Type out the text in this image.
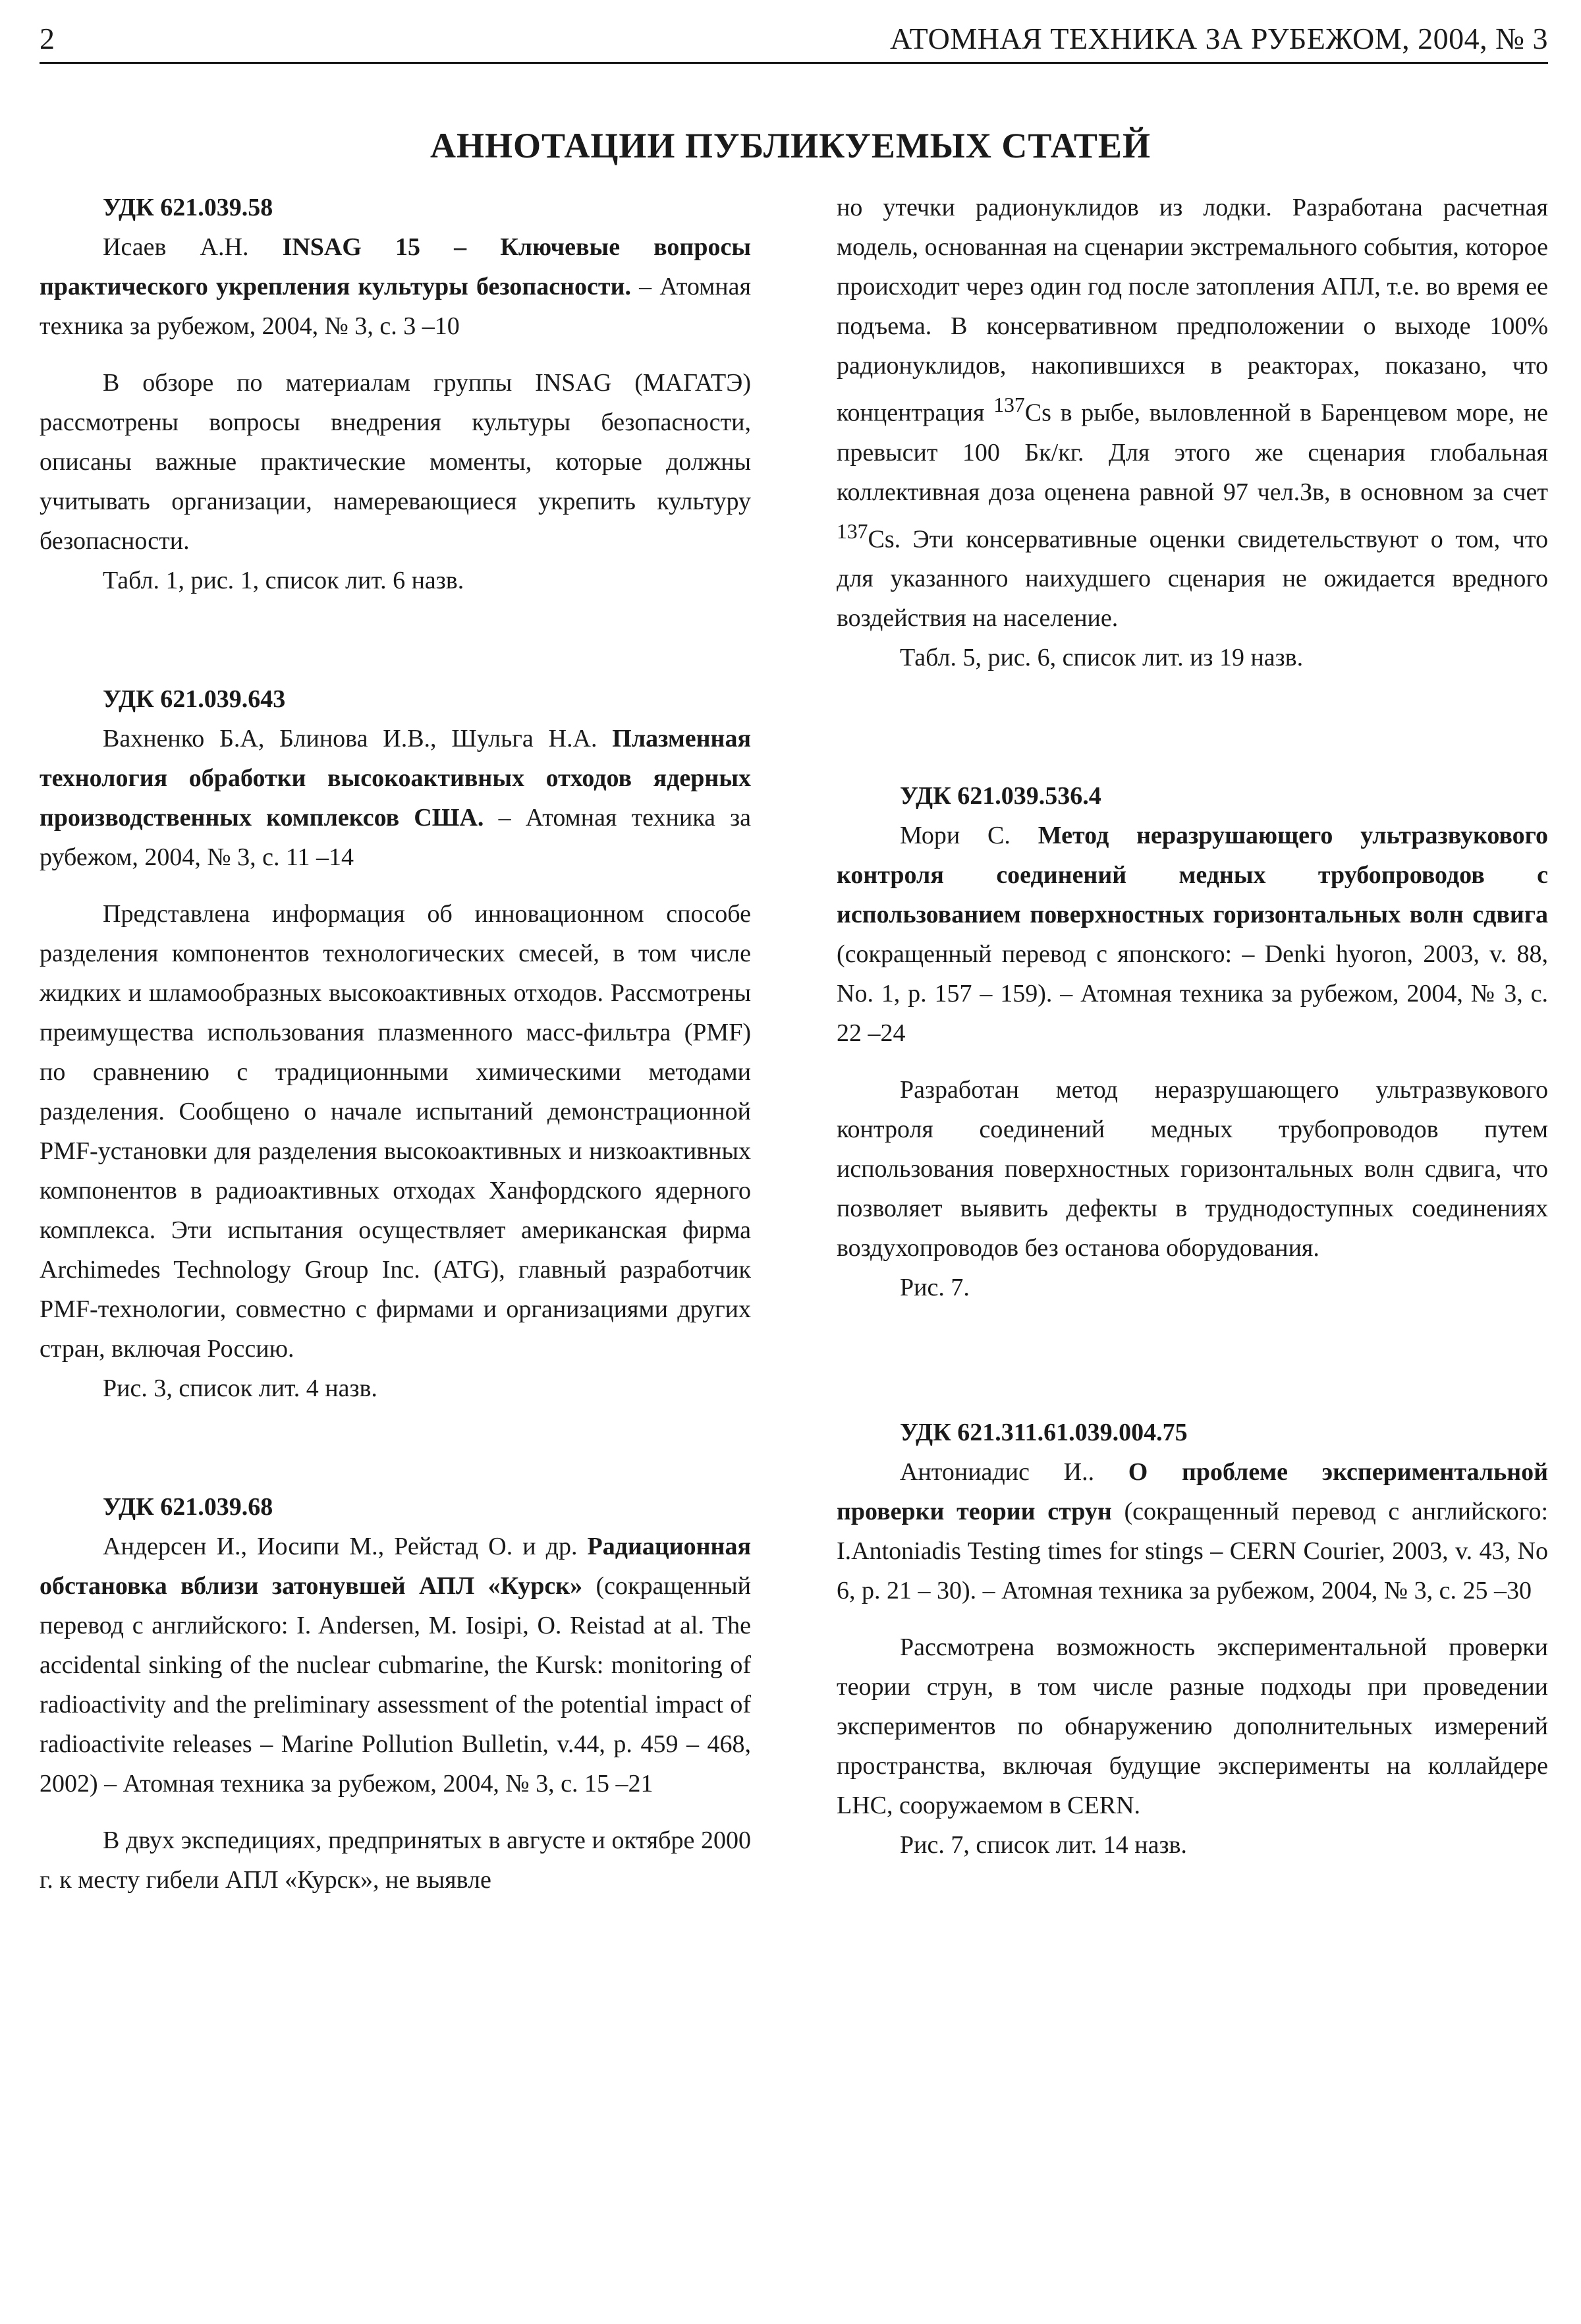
2	АТОМНАЯ ТЕХНИКА ЗА РУБЕЖОМ, 2004, № 3
АННОТАЦИИ ПУБЛИКУЕМЫХ СТАТЕЙ

УДК 621.039.58

Исаев А.Н. INSAG 15 – Ключевые вопросы практического укрепления культуры безопасности. – Атомная техника за рубежом, 2004, № 3, с. 3 –10

В обзоре по материалам группы INSAG (МАГАТЭ) рассмотрены вопросы внедрения культуры безопасности, описаны важные практические моменты, которые должны учитывать организации, намеревающиеся укрепить культуру безопасности.

Табл. 1, рис. 1, список лит. 6 назв.

УДК 621.039.643

Вахненко Б.А, Блинова И.В., Шульга Н.А. Плазменная технология обработки высокоактивных отходов ядерных производственных комплексов США. – Атомная техника за рубежом, 2004, № 3, с. 11 –14

Представлена информация об инновационном способе разделения компонентов технологических смесей, в том числе жидких и шламообразных высокоактивных отходов. Рассмотрены преимущества использования плазменного масс-фильтра (PMF) по сравнению с традиционными химическими методами разделения. Сообщено о начале испытаний демонстрационной PMF-установки для разделения высокоактивных и низкоактивных компонентов в радиоактивных отходах Ханфордского ядерного комплекса. Эти испытания осуществляет американская фирма Archimedes Technology Group Inc. (ATG), главный разработчик PMF-технологии, совместно с фирмами и организациями других стран, включая Россию.

Рис. 3, список лит. 4 назв.

УДК 621.039.68

Андерсен И., Иосипи М., Рейстад О. и др. Радиационная обстановка вблизи затонувшей АПЛ «Курск» (сокращенный перевод с английского: I. Andersen, M. Iosipi, O. Reistad at al. The accidental sinking of the nuclear cubmarine, the Kursk: monitoring of radioactivity and the preliminary assessment of the potential impact of radioactivite releases – Marine Pollution Bulletin, v.44, p. 459 – 468, 2002) – Атомная техника за рубежом, 2004, № 3, с. 15 –21

В двух экспедициях, предпринятых в августе и октябре 2000 г. к месту гибели АПЛ «Курск», не выявле

но утечки радионуклидов из лодки. Разработана расчетная модель, основанная на сценарии экстремального события, которое происходит через один год после затопления АПЛ, т.е. во время ее подъема. В консервативном предположении о выходе 100% радионуклидов, накопившихся в реакторах, показано, что концентрация $^{137}$Cs в рыбе, выловленной в Баренцевом море, не превысит 100 Бк/кг. Для этого же сценария глобальная коллективная доза оценена равной 97 чел.Зв, в основном за счет $^{137}$Cs. Эти консервативные оценки свидетельствуют о том, что для указанного наихудшего сценария не ожидается вредного воздействия на население.

Табл. 5, рис. 6, список лит. из 19 назв.

УДК 621.039.536.4

Мори С. Метод неразрушающего ультразвукового контроля соединений медных трубопроводов с использованием поверхностных горизонтальных волн сдвига (сокращенный перевод с японского: – Denki hyoron, 2003, v. 88, No. 1, p. 157 – 159). – Атомная техника за рубежом, 2004, № 3, с. 22 –24

Разработан метод неразрушающего ультразвукового контроля соединений медных трубопроводов путем использования поверхностных горизонтальных волн сдвига, что позволяет выявить дефекты в труднодоступных соединениях воздухопроводов без останова оборудования.

Рис. 7.

УДК 621.311.61.039.004.75

Антониадис И.. О проблеме экспериментальной проверки теории струн (сокращенный перевод с английского: I.Antoniadis Testing times for stings – CERN Courier, 2003, v. 43, No 6, p. 21 – 30). – Атомная техника за рубежом, 2004, № 3, с. 25 –30

Рассмотрена возможность экспериментальной проверки теории струн, в том числе разные подходы при проведении экспериментов по обнаружению дополнительных измерений пространства, включая будущие эксперименты на коллайдере LHC, сооружаемом в CERN.

Рис. 7, список лит. 14 назв.
